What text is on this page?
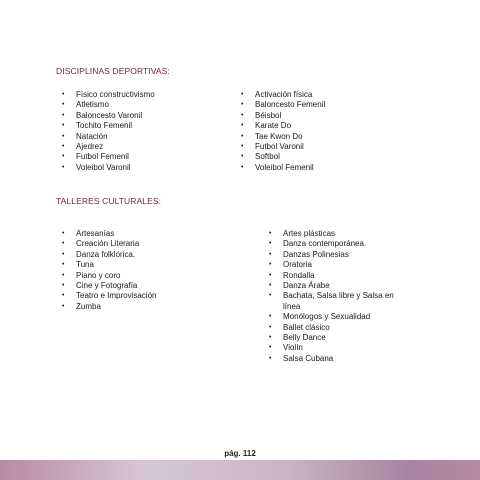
DISCIPLINAS DEPORTIVAS:
• Físico constructivismo
• Atletismo
• Baloncesto Varonil
• Tochito Femenil
• Natación
• Ajedrez
• Futbol Femenil
• Voleibol Varonil
• Activación física
• Baloncesto Femenil
• Béisbol
• Karate Do
• Tae Kwon Do
• Futbol Varonil
• Softbol
• Voleibol Femenil
TALLERES CULTURALES:
• Artesanías
• Creación Literaria
• Danza folklórica.
• Tuna
• Piano y coro
• Cine y Fotografía
• Teatro e Improvisación
• Zumba
• Artes plásticas
• Danza contemporánea.
• Danzas Polinesias
• Oratoria
• Rondalla
• Danza Árabe
• Bachata, Salsa libre y Salsa en línea
• Monólogos y Sexualidad
• Ballet clásico
• Belly Dance
• Violín
• Salsa Cubana
pág. 112
